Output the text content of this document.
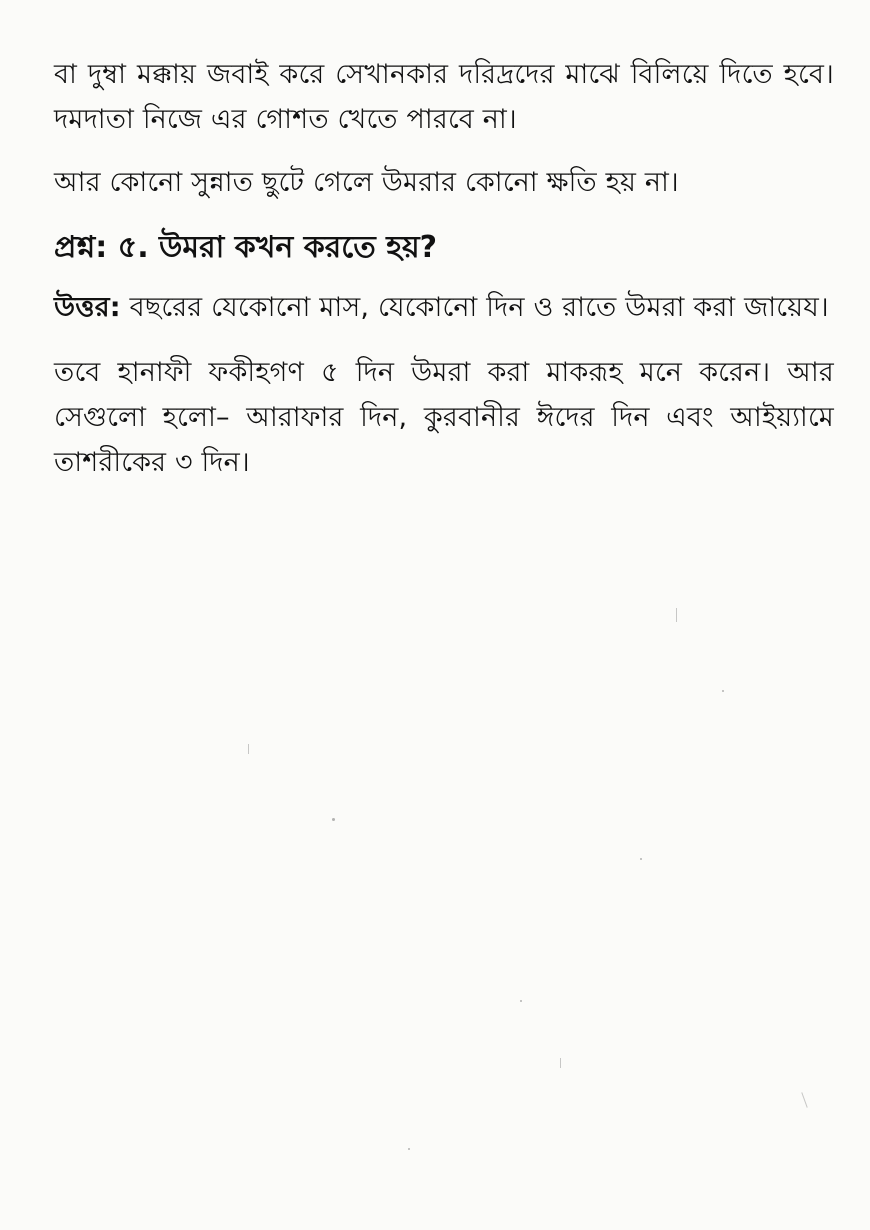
বা দুম্বা মক্কায় জবাই করে সেখানকার দরিদ্রদের মাঝে বিলিয়ে দিতে হবে। দমদাতা নিজে এর গোশত খেতে পারবে না।

আর কোনো সুন্নাত ছুটে গেলে উমরার কোনো ক্ষতি হয় না।

প্রশ্ন: ৫. উমরা কখন করতে হয়?

উত্তর: বছরের যেকোনো মাস, যেকোনো দিন ও রাতে উমরা করা জায়েয।

তবে হানাফী ফকীহগণ ৫ দিন উমরা করা মাকরূহ মনে করেন। আর সেগুলো হলো– আরাফার দিন, কুরবানীর ঈদের দিন এবং আইয়্যামে তাশরীকের ৩ দিন।
